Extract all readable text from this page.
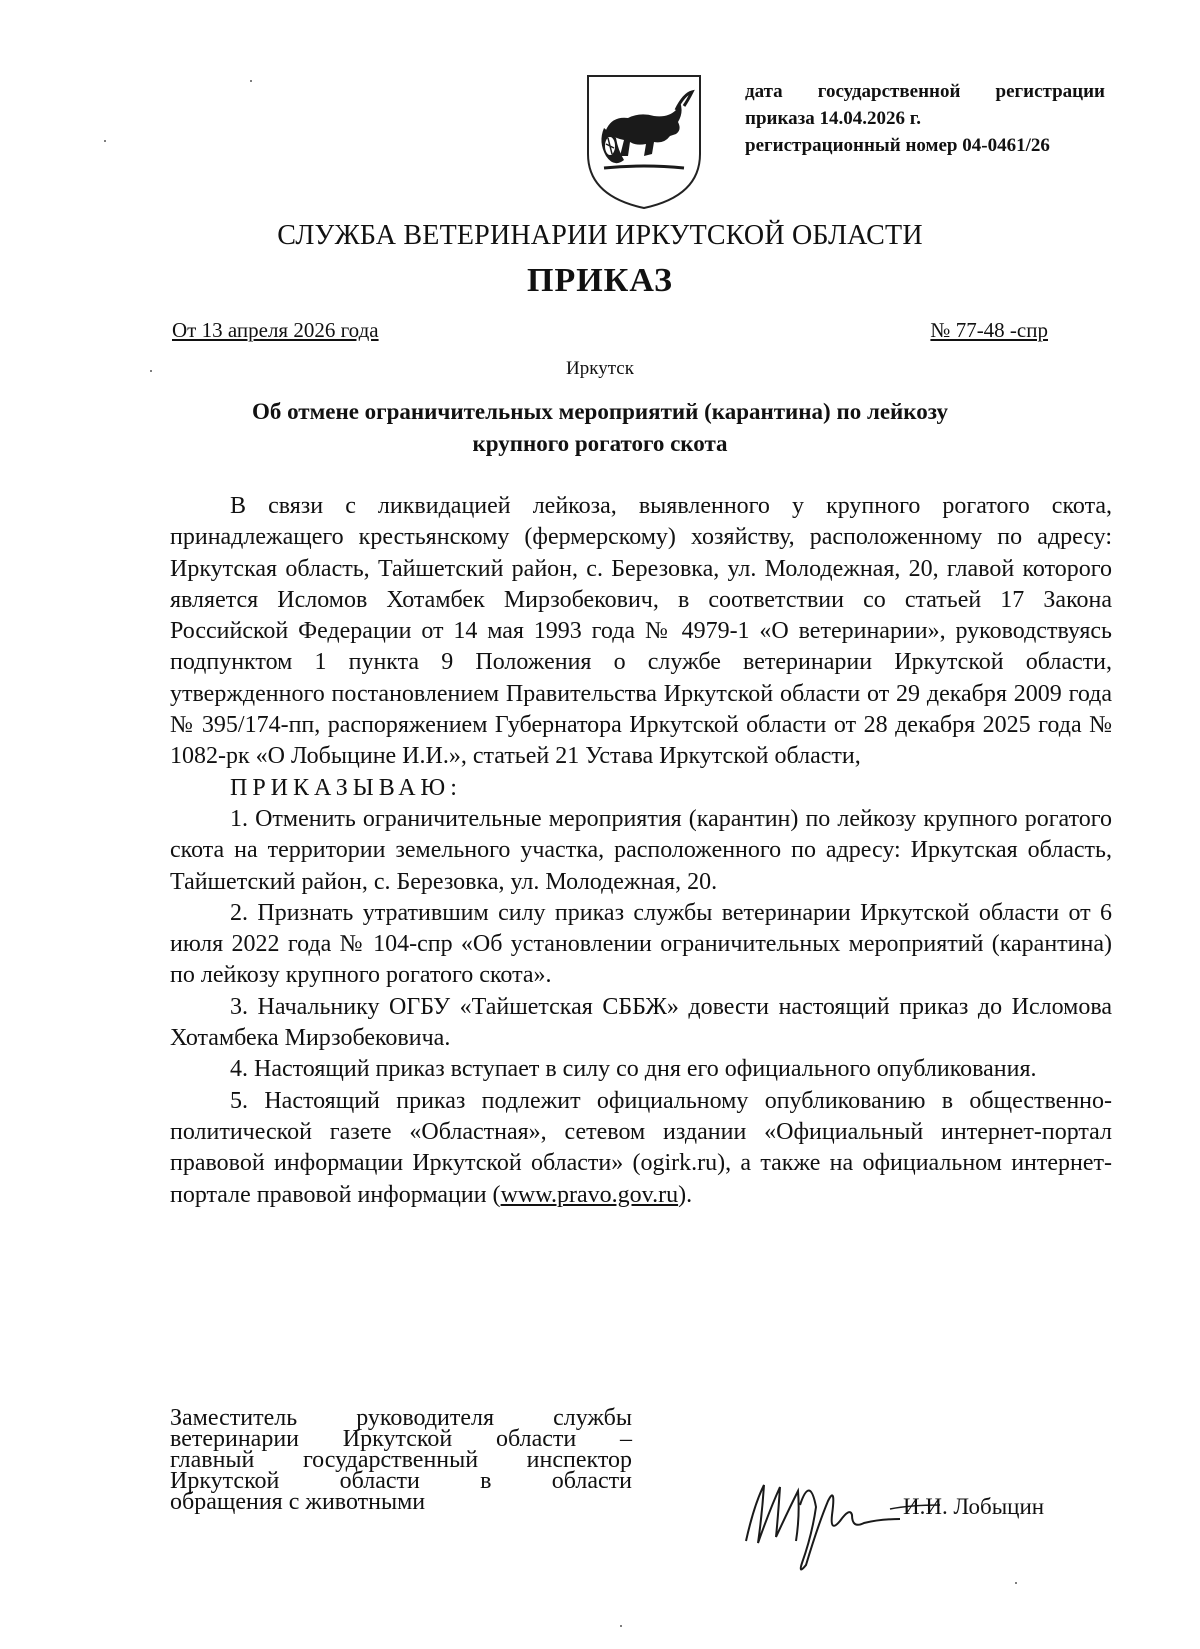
дата государственной регистрации
приказа 14.04.2026 г.
регистрационный номер 04-0461/26
СЛУЖБА ВЕТЕРИНАРИИ ИРКУТСКОЙ ОБЛАСТИ
ПРИКАЗ
От 13 апреля 2026 года	№ 77-48 -спр
Иркутск
Об отмене ограничительных мероприятий (карантина) по лейкозу
крупного рогатого скота

В связи с ликвидацией лейкоза, выявленного у крупного рогатого скота, принадлежащего крестьянскому (фермерскому) хозяйству, расположенному по адресу: Иркутская область, Тайшетский район, с. Березовка, ул. Молодежная, 20, главой которого является Исломов Хотамбек Мирзобекович, в соответствии со статьей 17 Закона Российской Федерации от 14 мая 1993 года № 4979-1 «О ветеринарии», руководствуясь подпунктом 1 пункта 9 Положения о службе ветеринарии Иркутской области, утвержденного постановлением Правительства Иркутской области от 29 декабря 2009 года № 395/174-пп, распоряжением Губернатора Иркутской области от 28 декабря 2025 года № 1082-рк «О Лобыцине И.И.», статьей 21 Устава Иркутской области,

ПРИКАЗЫВАЮ:

1. Отменить ограничительные мероприятия (карантин) по лейкозу крупного рогатого скота на территории земельного участка, расположенного по адресу: Иркутская область, Тайшетский район, с. Березовка, ул. Молодежная, 20.

2. Признать утратившим силу приказ службы ветеринарии Иркутской области от 6 июля 2022 года № 104-спр «Об установлении ограничительных мероприятий (карантина) по лейкозу крупного рогатого скота».

3. Начальнику ОГБУ «Тайшетская СББЖ» довести настоящий приказ до Исломова Хотамбека Мирзобековича.

4. Настоящий приказ вступает в силу со дня его официального опубликования.

5. Настоящий приказ подлежит официальному опубликованию в общественно-политической газете «Областная», сетевом издании «Официальный интернет-портал правовой информации Иркутской области» (ogirk.ru), а также на официальном интернет-портале правовой информации (www.pravo.gov.ru).

Заместитель руководителя службы
ветеринарии Иркутской области –
главный государственный инспектор
Иркутской области в области
обращения с животными	И.И. Лобыцин
